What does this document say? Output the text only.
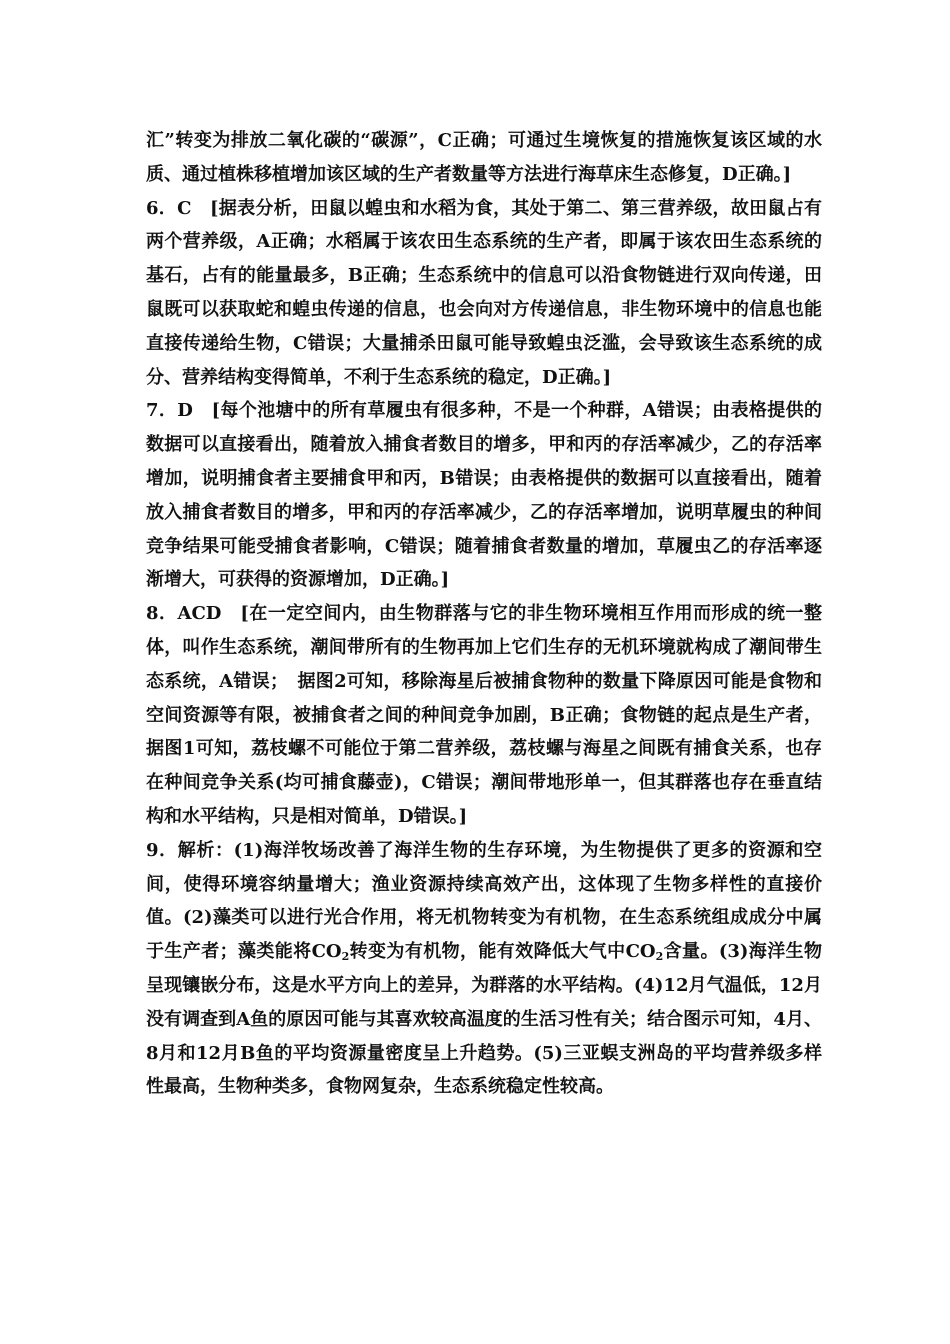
汇”转变为排放二氧化碳的“碳源”，C正确；可通过生境恢复的措施恢复该区域的水质、通过植株移植增加该区域的生产者数量等方法进行海草床生态修复，D正确。]

6．C　[据表分析，田鼠以蝗虫和水稻为食，其处于第二、第三营养级，故田鼠占有两个营养级，A正确；水稻属于该农田生态系统的生产者，即属于该农田生态系统的基石，占有的能量最多，B正确；生态系统中的信息可以沿食物链进行双向传递，田鼠既可以获取蛇和蝗虫传递的信息，也会向对方传递信息，非生物环境中的信息也能直接传递给生物，C错误；大量捕杀田鼠可能导致蝗虫泛滥，会导致该生态系统的成分、营养结构变得简单，不利于生态系统的稳定，D正确。]

7．D　[每个池塘中的所有草履虫有很多种，不是一个种群，A错误；由表格提供的数据可以直接看出，随着放入捕食者数目的增多，甲和丙的存活率减少，乙的存活率增加，说明捕食者主要捕食甲和丙，B错误；由表格提供的数据可以直接看出，随着放入捕食者数目的增多，甲和丙的存活率减少，乙的存活率增加，说明草履虫的种间竞争结果可能受捕食者影响，C错误；随着捕食者数量的增加，草履虫乙的存活率逐渐增大，可获得的资源增加，D正确。]

8．ACD　[在一定空间内，由生物群落与它的非生物环境相互作用而形成的统一整体，叫作生态系统，潮间带所有的生物再加上它们生存的无机环境就构成了潮间带生态系统，A错误；　据图2可知，移除海星后被捕食物种的数量下降原因可能是食物和空间资源等有限，被捕食者之间的种间竞争加剧，B正确；食物链的起点是生产者，据图1可知，荔枝螺不可能位于第二营养级，荔枝螺与海星之间既有捕食关系，也存在种间竞争关系(均可捕食藤壶)，C错误；潮间带地形单一，但其群落也存在垂直结构和水平结构，只是相对简单，D错误。]

9．解析：(1)海洋牧场改善了海洋生物的生存环境，为生物提供了更多的资源和空间，使得环境容纳量增大；渔业资源持续高效产出，这体现了生物多样性的直接价值。(2)藻类可以进行光合作用，将无机物转变为有机物，在生态系统组成成分中属于生产者；藻类能将$CO_2$转变为有机物，能有效降低大气中$CO_2$含量。(3)海洋生物呈现镶嵌分布，这是水平方向上的差异，为群落的水平结构。(4)12月气温低，12月没有调查到A鱼的原因可能与其喜欢较高温度的生活习性有关；结合图示可知，4月、8月和12月B鱼的平均资源量密度呈上升趋势。(5)三亚蜈支洲岛的平均营养级多样性最高，生物种类多，食物网复杂，生态系统稳定性较高。
